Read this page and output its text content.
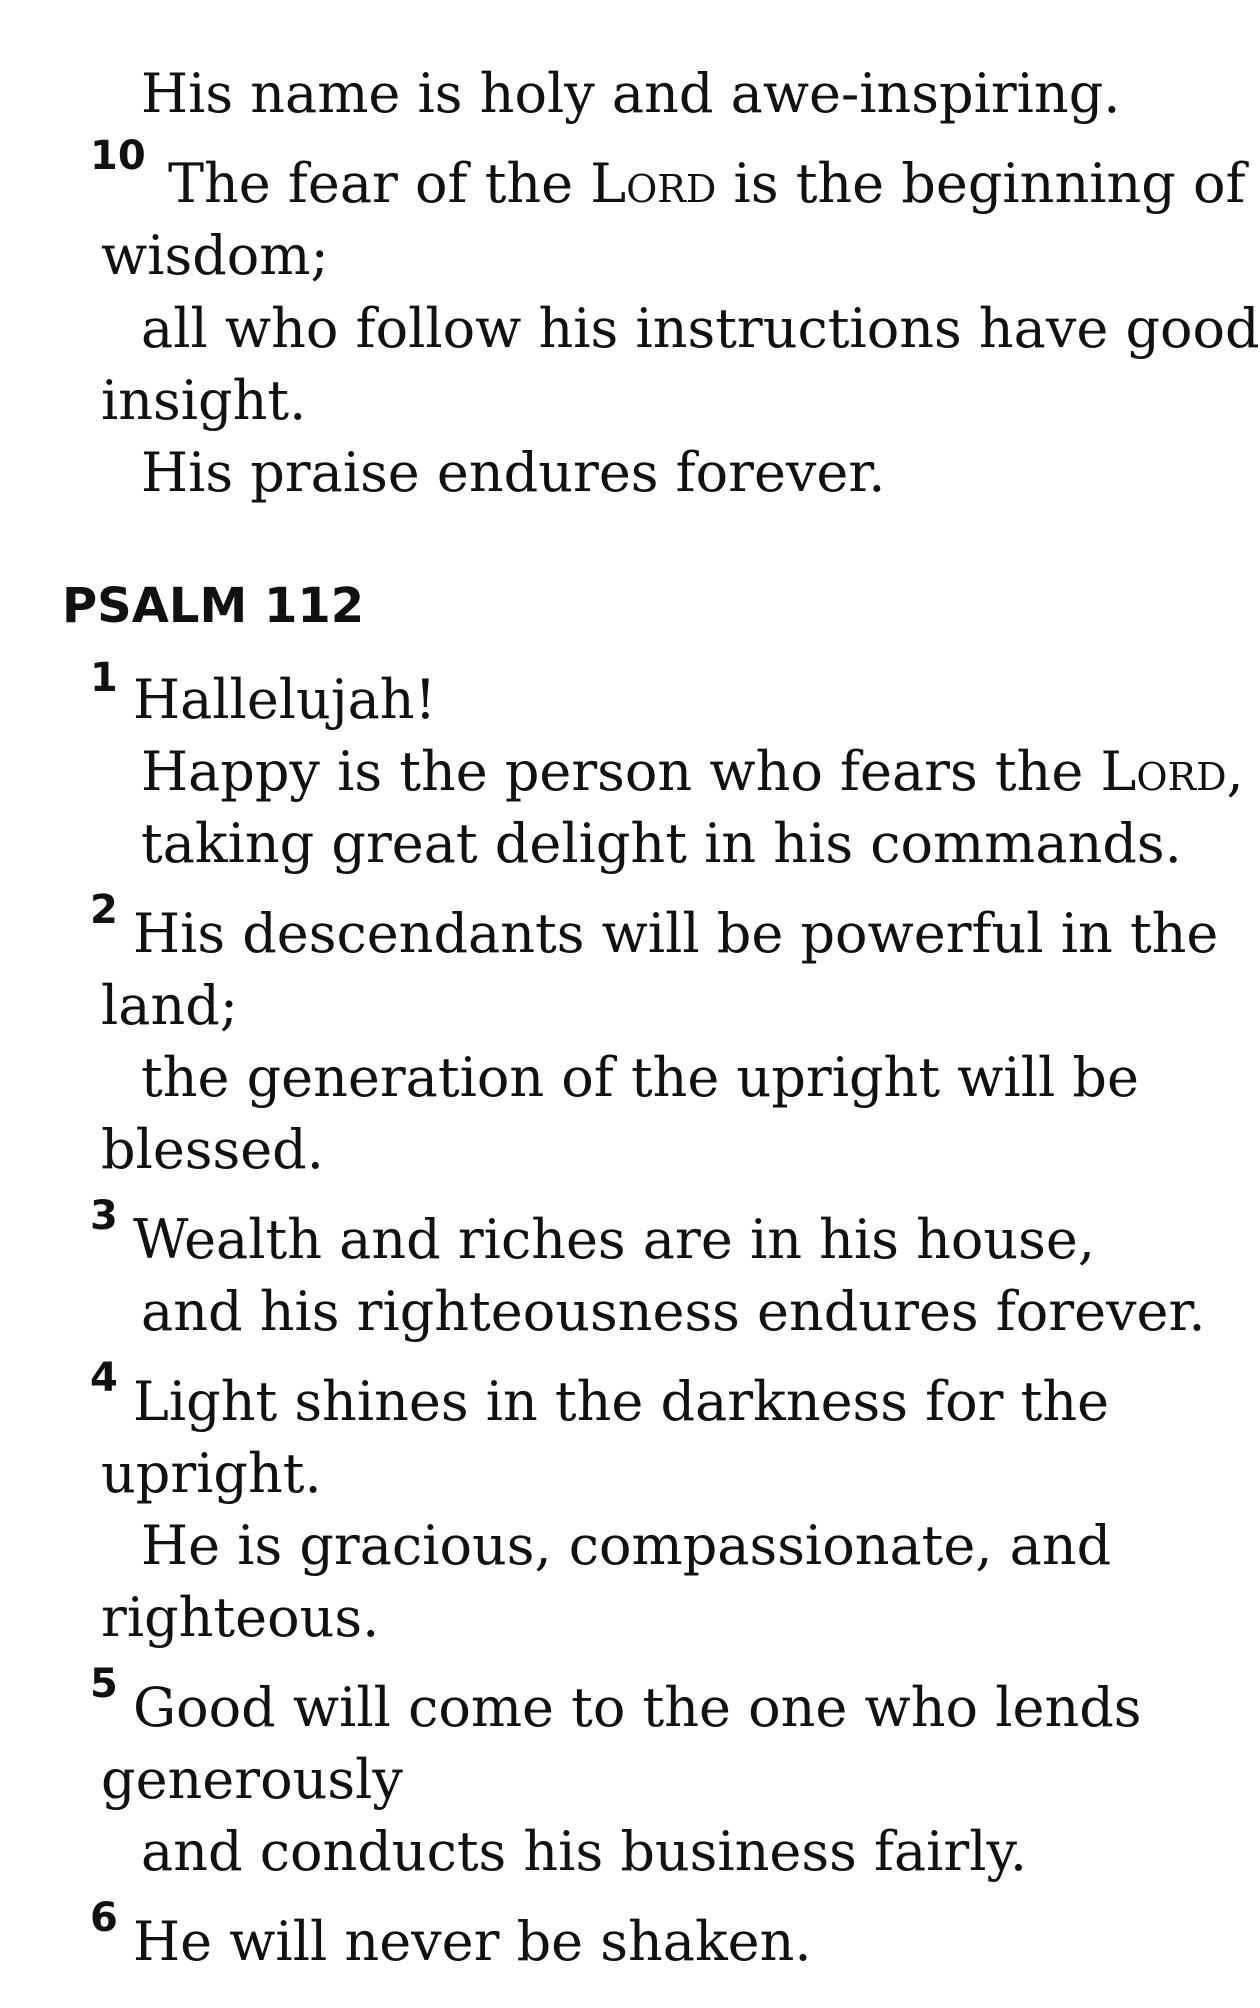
His name is holy and awe-inspiring.
10 The fear of the Lord is the beginning of
wisdom;
all who follow his instructions have good
insight.
His praise endures forever.
PSALM 112
1 Hallelujah!
Happy is the person who fears the Lord,
taking great delight in his commands.
2 His descendants will be powerful in the
land;
the generation of the upright will be
blessed.
3 Wealth and riches are in his house,
and his righteousness endures forever.
4 Light shines in the darkness for the
upright.
He is gracious, compassionate, and
righteous.
5 Good will come to the one who lends
generously
and conducts his business fairly.
6 He will never be shaken.
